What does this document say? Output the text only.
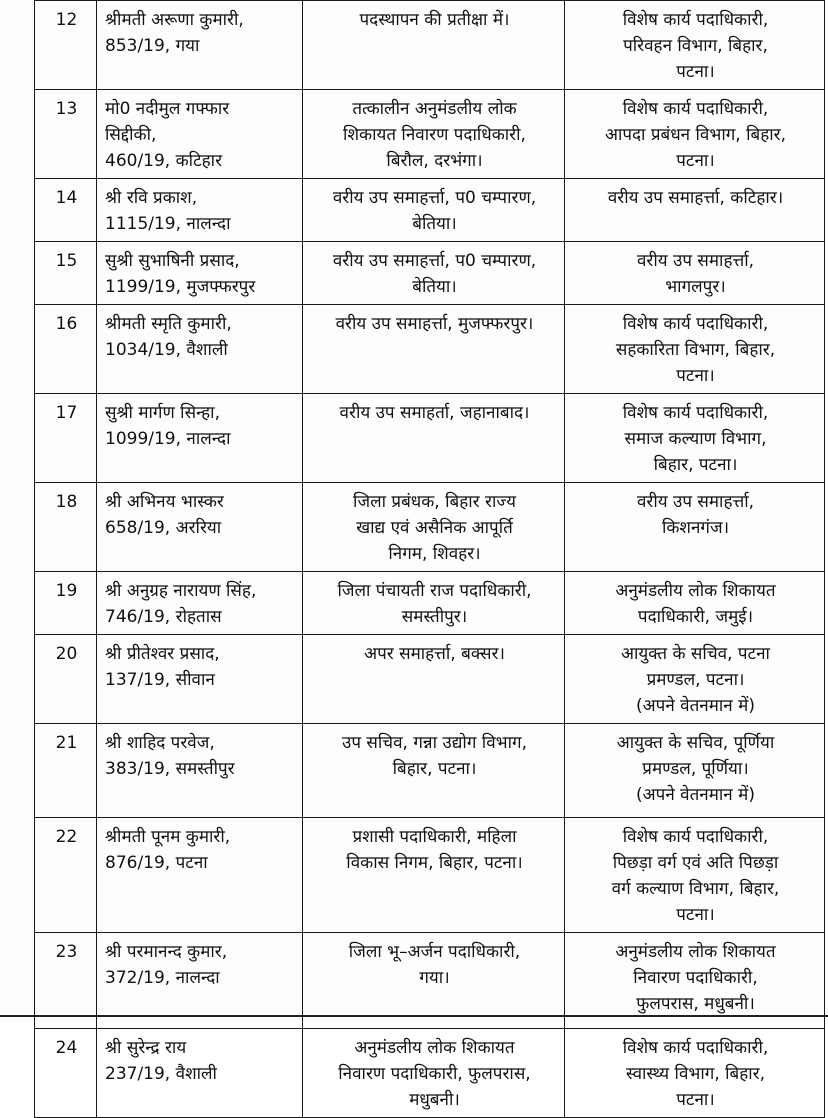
12	श्रीमती अरूणा कुमारी,
853/19, गया	पदस्थापन की प्रतीक्षा में।	विशेष कार्य पदाधिकारी,
परिवहन विभाग, बिहार,
पटना।

13	मो0 नदीमुल गफ्फार
सिद्दीकी,
460/19, कटिहार	तत्कालीन अनुमंडलीय लोक
शिकायत निवारण पदाधिकारी,
बिरौल, दरभंगा।	विशेष कार्य पदाधिकारी,
आपदा प्रबंधन विभाग, बिहार,
पटना।

14	श्री रवि प्रकाश,
1115/19, नालन्दा	वरीय उप समाहर्त्ता, प0 चम्पारण,
बेतिया।	वरीय उप समाहर्त्ता, कटिहार।

15	सुश्री सुभाषिनी प्रसाद,
1199/19, मुजफ्फरपुर	वरीय उप समाहर्त्ता, प0 चम्पारण,
बेतिया।	वरीय उप समाहर्त्ता,
भागलपुर।

16	श्रीमती स्मृति कुमारी,
1034/19, वैशाली	वरीय उप समाहर्त्ता, मुजफ्फरपुर।	विशेष कार्य पदाधिकारी,
सहकारिता विभाग, बिहार,
पटना।

17	सुश्री मार्गण सिन्हा,
1099/19, नालन्दा	वरीय उप समाहर्ता, जहानाबाद।	विशेष कार्य पदाधिकारी,
समाज कल्याण विभाग,
बिहार, पटना।

18	श्री अभिनय भास्कर
658/19, अररिया	जिला प्रबंधक, बिहार राज्य
खाद्य एवं असैनिक आपूर्ति
निगम, शिवहर।	वरीय उप समाहर्त्ता,
किशनगंज।

19	श्री अनुग्रह नारायण सिंह,
746/19, रोहतास	जिला पंचायती राज पदाधिकारी,
समस्तीपुर।	अनुमंडलीय लोक शिकायत
पदाधिकारी, जमुई।

20	श्री प्रीतेश्वर प्रसाद,
137/19, सीवान	अपर समाहर्त्ता, बक्सर।	आयुक्त के सचिव, पटना
प्रमण्डल, पटना।
(अपने वेतनमान में)

21	श्री शाहिद परवेज,
383/19, समस्तीपुर	उप सचिव, गन्ना उद्योग विभाग,
बिहार, पटना।	आयुक्त के सचिव, पूर्णिया
प्रमण्डल, पूर्णिया।
(अपने वेतनमान में)

22	श्रीमती पूनम कुमारी,
876/19, पटना	प्रशासी पदाधिकारी, महिला
विकास निगम, बिहार, पटना।	विशेष कार्य पदाधिकारी,
पिछड़ा वर्ग एवं अति पिछड़ा
वर्ग कल्याण विभाग, बिहार,
पटना।

23	श्री परमानन्द कुमार,
372/19, नालन्दा	जिला भू–अर्जन पदाधिकारी,
गया।	अनुमंडलीय लोक शिकायत
निवारण पदाधिकारी,
फुलपरास, मधुबनी।

24	श्री सुरेन्द्र राय
237/19, वैशाली	अनुमंडलीय लोक शिकायत
निवारण पदाधिकारी, फुलपरास,
मधुबनी।	विशेष कार्य पदाधिकारी,
स्वास्थ्य विभाग, बिहार,
पटना।
